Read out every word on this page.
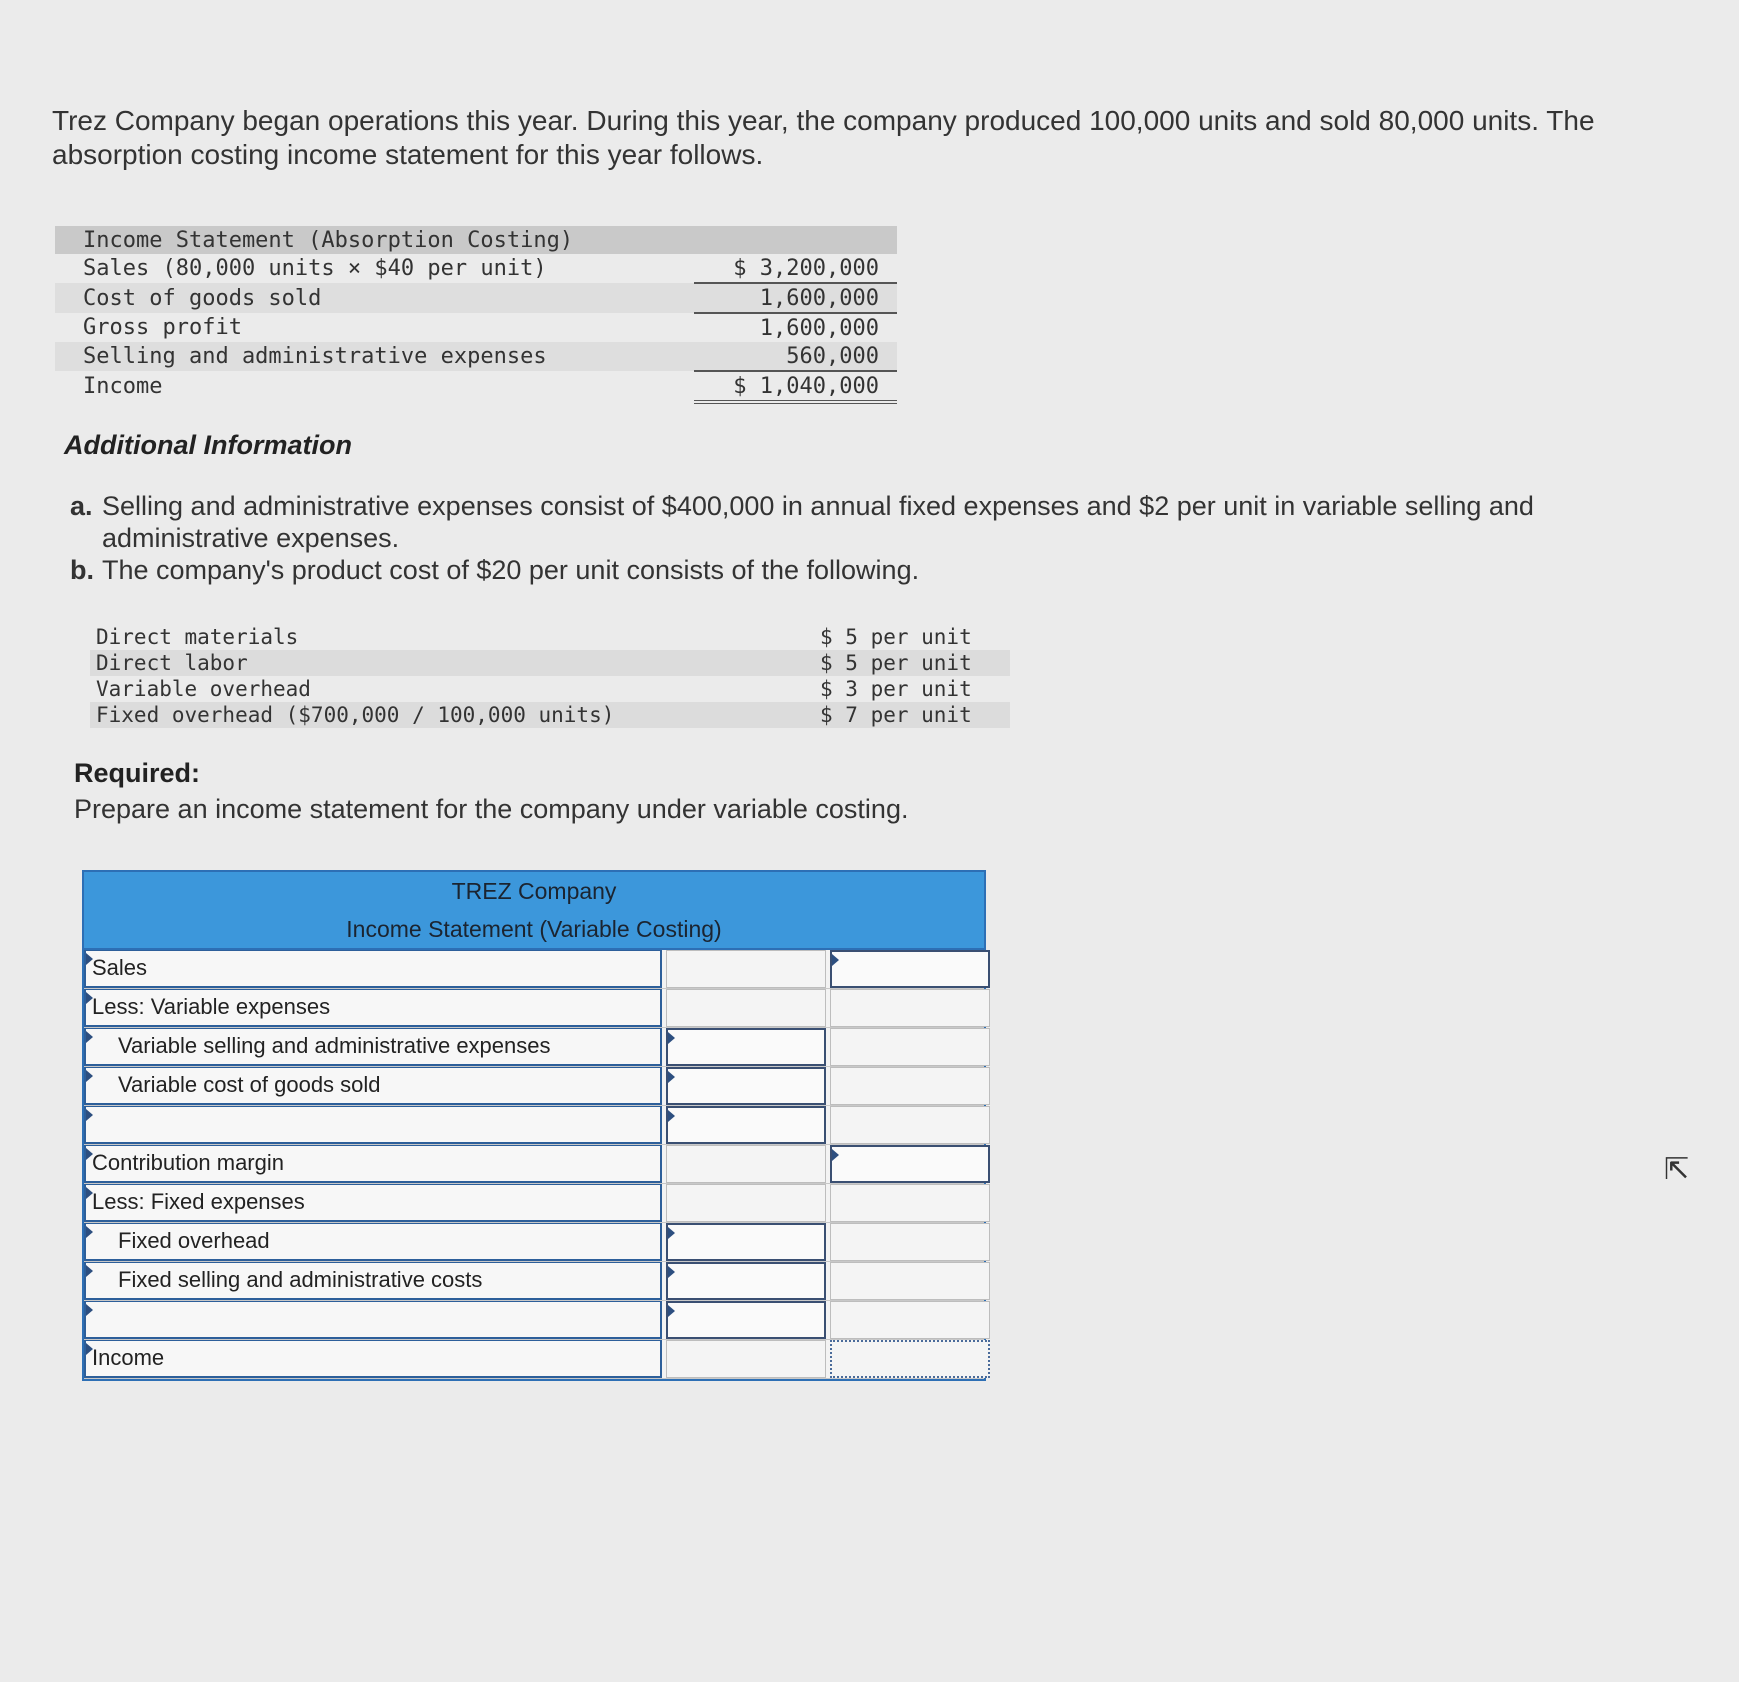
Trez Company began operations this year. During this year, the company produced 100,000 units and sold 80,000 units. The absorption costing income statement for this year follows.
Income Statement (Absorption Costing)	
Sales (80,000 units × $40 per unit)	$ 3,200,000
Cost of goods sold	1,600,000
Gross profit	1,600,000
Selling and administrative expenses	560,000
Income	$ 1,040,000
Additional Information
a. Selling and administrative expenses consist of $400,000 in annual fixed expenses and $2 per unit in variable selling and administrative expenses.
b. The company's product cost of $20 per unit consists of the following.
Direct materials	$ 5 per unit
Direct labor	$ 5 per unit
Variable overhead	$ 3 per unit
Fixed overhead ($700,000 / 100,000 units)	$ 7 per unit
Required:
Prepare an income statement for the company under variable costing.
TREZ Company
Income Statement (Variable Costing)
Sales
Less: Variable expenses
Variable selling and administrative expenses
Variable cost of goods sold
Contribution margin
Less: Fixed expenses
Fixed overhead
Fixed selling and administrative costs
Income
⇱
